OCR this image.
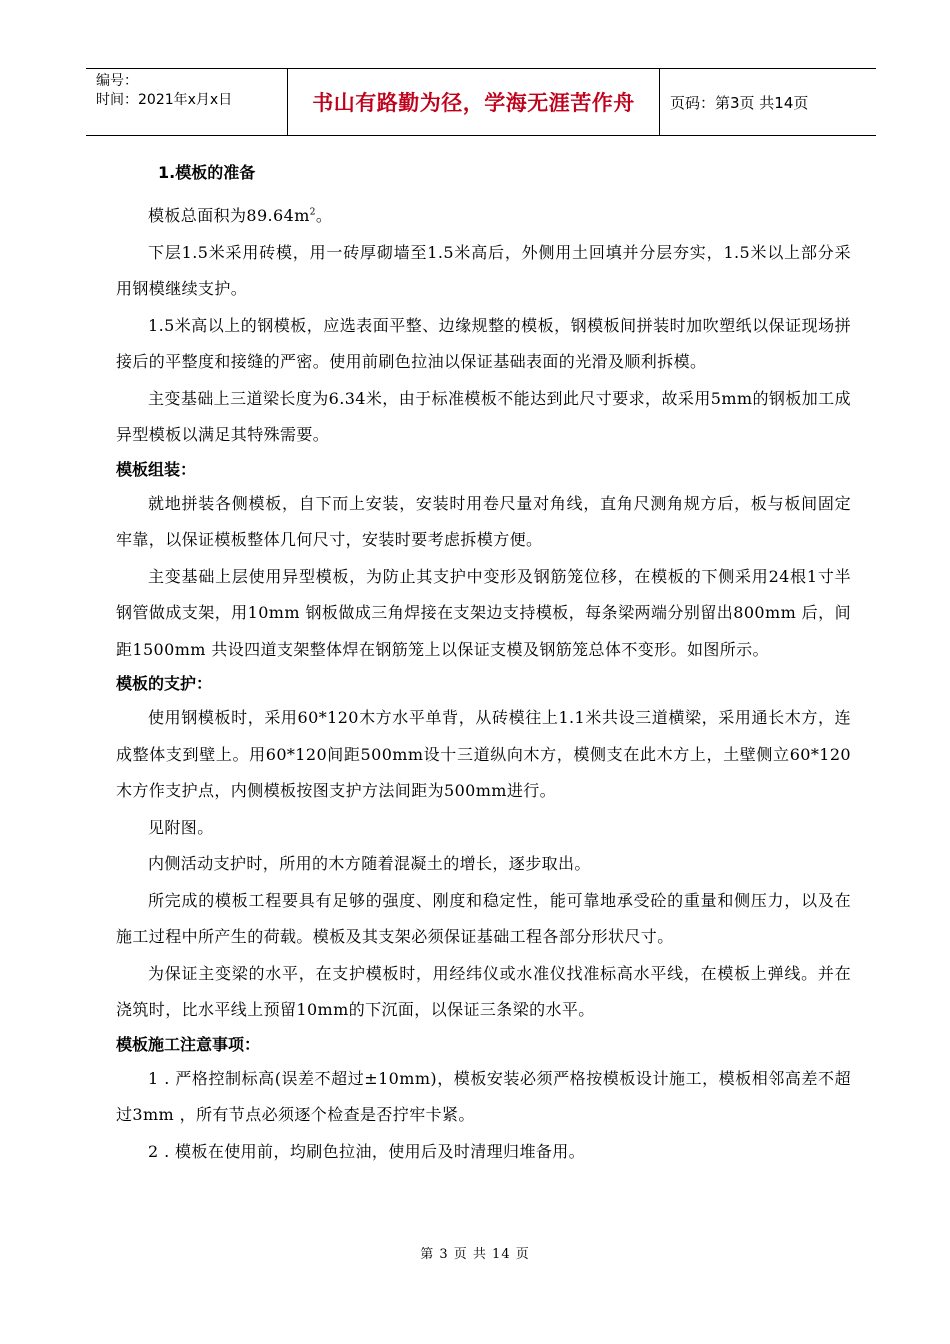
编号：
时间：2021年x月x日	书山有路勤为径，学海无涯苦作舟	页码：第3页 共14页
1.模板的准备

模板总面积为$89.64m^2$。

下层1.5米采用砖模，用一砖厚砌墙至1.5米高后，外侧用土回填并分层夯实，1.5米以上部分采用钢模继续支护。

1.5米高以上的钢模板，应选表面平整、边缘规整的模板，钢模板间拼装时加吹塑纸以保证现场拼接后的平整度和接缝的严密。使用前刷色拉油以保证基础表面的光滑及顺利拆模。

主变基础上三道梁长度为6.34米，由于标准模板不能达到此尺寸要求，故采用5mm的钢板加工成异型模板以满足其特殊需要。

模板组装：

就地拼装各侧模板，自下而上安装，安装时用卷尺量对角线，直角尺测角规方后，板与板间固定牢靠，以保证模板整体几何尺寸，安装时要考虑拆模方便。

主变基础上层使用异型模板，为防止其支护中变形及钢筋笼位移，在模板的下侧采用24根1寸半钢管做成支架，用10mm 钢板做成三角焊接在支架边支持模板，每条梁两端分别留出800mm 后，间距1500mm 共设四道支架整体焊在钢筋笼上以保证支模及钢筋笼总体不变形。如图所示。

模板的支护：

使用钢模板时，采用60*120木方水平单背，从砖模往上1.1米共设三道横梁，采用通长木方，连成整体支到壁上。用60*120间距500mm设十三道纵向木方，模侧支在此木方上，土壁侧立60*120木方作支护点，内侧模板按图支护方法间距为500mm进行。

见附图。

内侧活动支护时，所用的木方随着混凝土的增长，逐步取出。

所完成的模板工程要具有足够的强度、刚度和稳定性，能可靠地承受砼的重量和侧压力，以及在施工过程中所产生的荷载。模板及其支架必须保证基础工程各部分形状尺寸。

为保证主变梁的水平，在支护模板时，用经纬仪或水准仪找准标高水平线，在模板上弹线。并在浇筑时，比水平线上预留10mm的下沉面，以保证三条梁的水平。

模板施工注意事项：

1 . 严格控制标高(误差不超过±10mm)，模板安装必须严格按模板设计施工，模板相邻高差不超过3mm ，所有节点必须逐个检查是否拧牢卡紧。

2 . 模板在使用前，均刷色拉油，使用后及时清理归堆备用。

第 3 页 共 14 页
